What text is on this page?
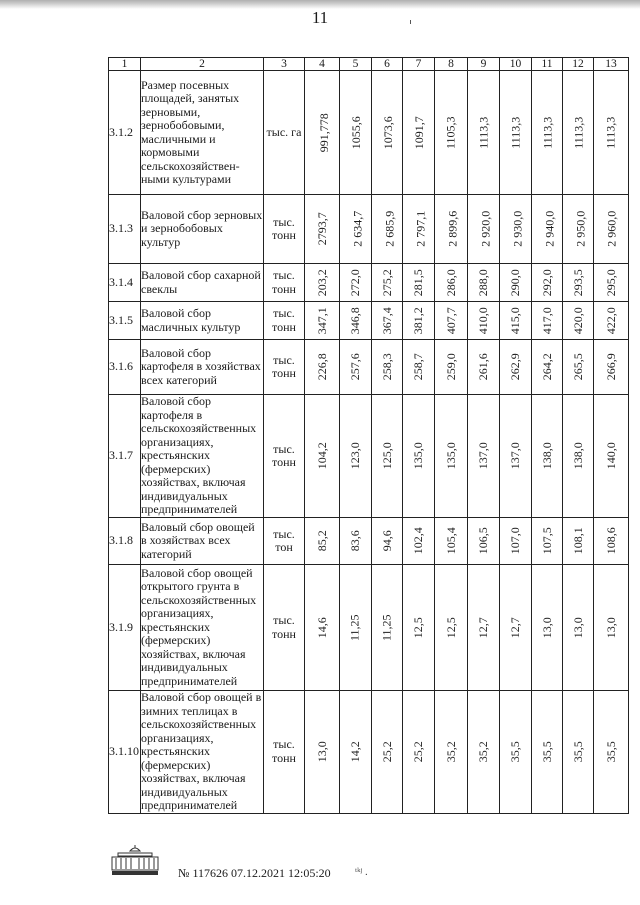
11
1	2	3	4	5	6	7	8	9	10	11	12	13
3.1.2	Размер посевных площадей, занятых зерновыми, зернобобовыми, масличными и кормовыми сельскохозяйствен-ными культурами	тыс. га	991,778	1055,6	1073,6	1091,7	1105,3	1113,3	1113,3	1113,3	1113,3	1113,3
3.1.3	Валовой сбор зерновых и зернобобовых культур	тыс. тонн	2793,7	2 634,7	2 685,9	2 797,1	2 899,6	2 920,0	2 930,0	2 940,0	2 950,0	2 960,0
3.1.4	Валовой сбор сахарной свеклы	тыс. тонн	203,2	272,0	275,2	281,5	286,0	288,0	290,0	292,0	293,5	295,0
3.1.5	Валовой сбор масличных культур	тыс. тонн	347,1	346,8	367,4	381,2	407,7	410,0	415,0	417,0	420,0	422,0
3.1.6	Валовой сбор картофеля в хозяйствах всех категорий	тыс. тонн	226,8	257,6	258,3	258,7	259,0	261,6	262,9	264,2	265,5	266,9
3.1.7	Валовой сбор картофеля в сельскохозяйственных организациях, крестьянских (фермерских) хозяйствах, включая индивидуальных предпринимателей	тыс. тонн	104,2	123,0	125,0	135,0	135,0	137,0	137,0	138,0	138,0	140,0
3.1.8	Валовый сбор овощей в хозяйствах всех категорий	тыс. тон	85,2	83,6	94,6	102,4	105,4	106,5	107,0	107,5	108,1	108,6
3.1.9	Валовой сбор овощей открытого грунта в сельскохозяйственных организациях, крестьянских (фермерских) хозяйствах, включая индивидуальных предпринимателей	тыс. тонн	14,6	11,25	11,25	12,5	12,5	12,7	12,7	13,0	13,0	13,0
3.1.10	Валовой сбор овощей в зимних теплицах в сельскохозяйственных организациях, крестьянских (фермерских) хозяйствах, включая индивидуальных предпринимателей	тыс. тонн	13,0	14,2	25,2	25,2	35,2	35,2	35,5	35,5	35,5	35,5
№ 117626 07.12.2021 12:05:20 ᵗᵏʲ .
